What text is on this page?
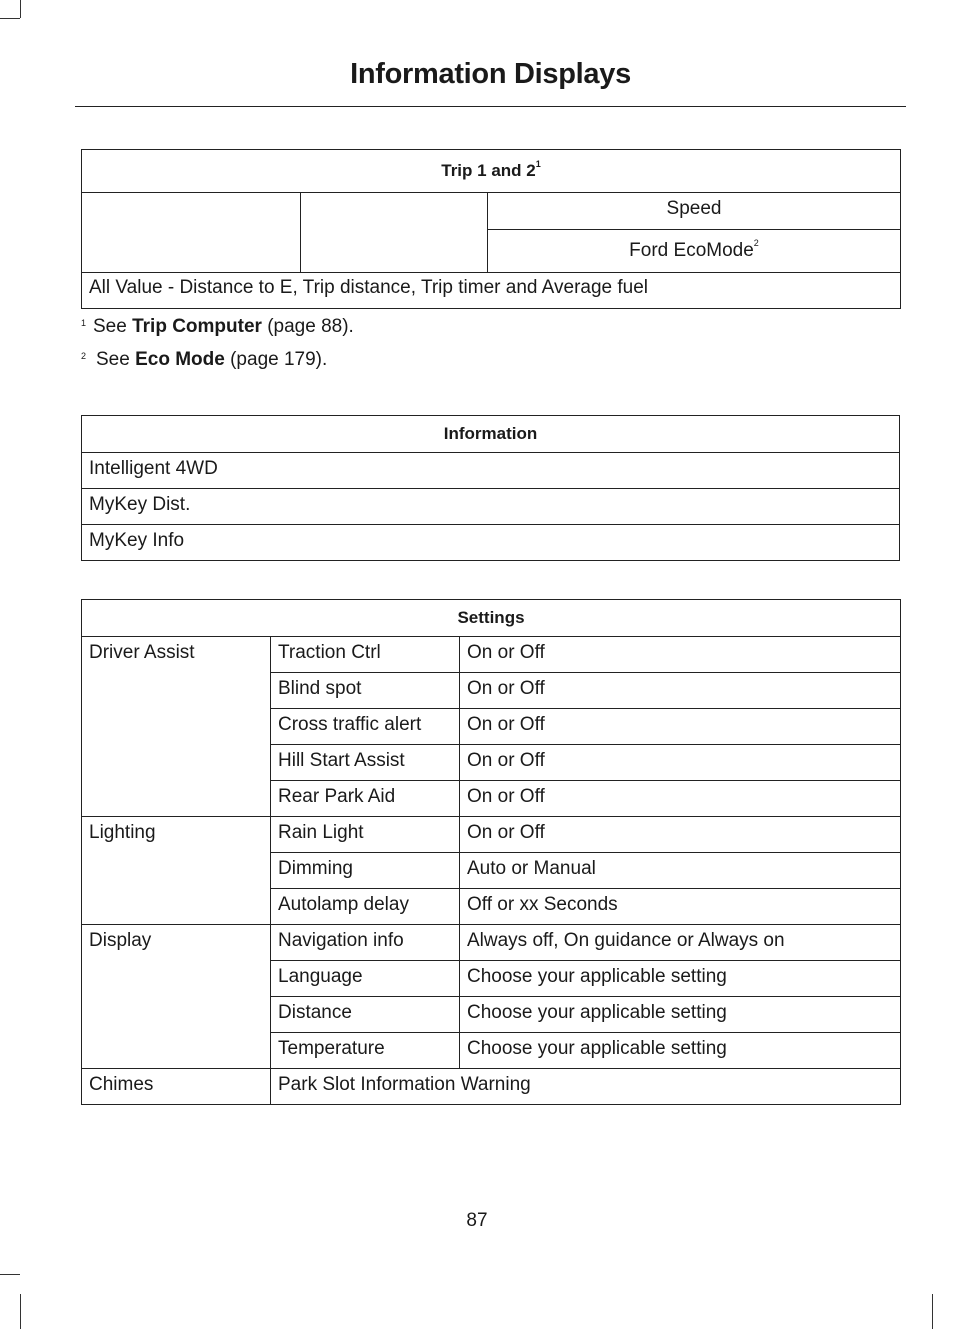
Information Displays
Trip 1 and $2^1$
		Speed
Ford EcoMode$^2$
All Value - Distance to E, Trip distance, Trip timer and Average fuel
1 See Trip Computer (page 88).
2 See Eco Mode (page 179).
Information
Intelligent 4WD
MyKey Dist.
MyKey Info
Settings		
Driver Assist	Traction Ctrl	On or Off
	Blind spot	On or Off
	Cross traffic alert	On or Off
	Hill Start Assist	On or Off
	Rear Park Aid	On or Off
Lighting	Rain Light	On or Off
	Dimming	Auto or Manual
	Autolamp delay	Off or xx Seconds
Display	Navigation info	Always off, On guidance or Always on
	Language	Choose your applicable setting
	Distance	Choose your applicable setting
	Temperature	Choose your applicable setting
Chimes	Park Slot Information Warning	
87
